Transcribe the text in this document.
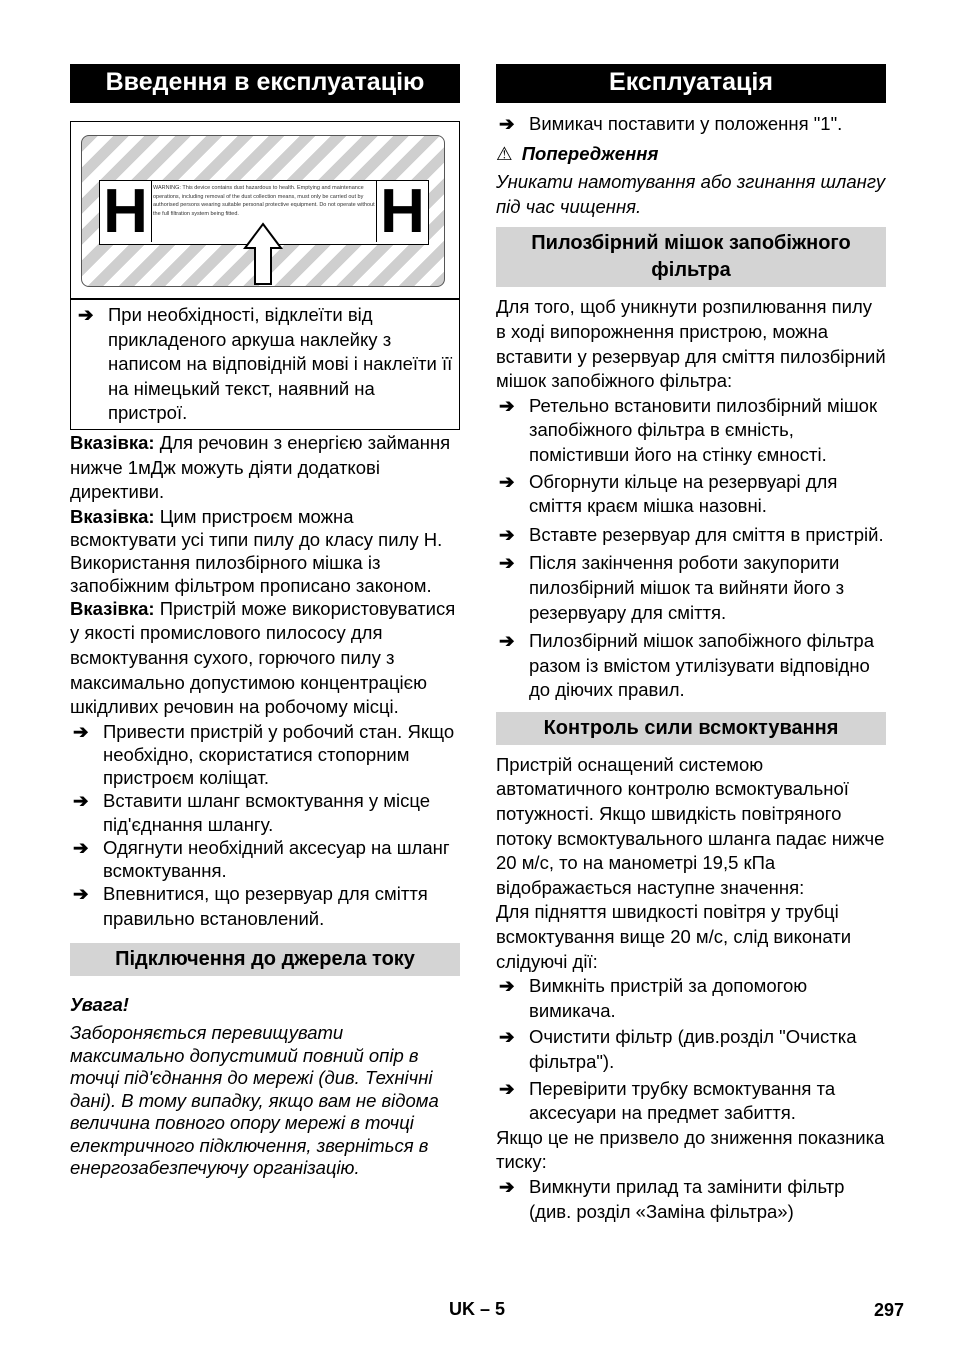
Введення в експлуатацію
H WARNING: This device contains dust hazardous to health. Emptying and maintenance operations, including removal of the dust collection means, must only be carried out by authorised persons wearing suitable personal protective equipment. Do not operate without the full filtration system being fitted.	H
➔ При необхідності, відклеїти від прикладеного аркуша наклейку з написом на відповідній мові і наклеїти її на німецький текст, наявний на пристрої.

Вказівка: Для речовин з енергією займання нижче 1мДж можуть діяти додаткові директиви.

Вказівка: Цим пристроєм можна всмоктувати усі типи пилу до класу пилу Н. Використання пилозбірного мішка із запобіжним фільтром прописано законом.

Вказівка: Пристрій може використовуватися у якості промислового пилососу для всмоктування сухого, горючого пилу з максимально допустимою концентрацією шкідливих речовин на робочому місці.

➔ Привести пристрій у робочий стан. Якщо необхідно, скористатися стопорним пристроєм коліщат.
➔ Вставити шланг всмоктування у місце під'єднання шлангу.
➔ Одягнути необхідний аксесуар на шланг всмоктування.
➔ Впевнитися, що резервуар для сміття правильно встановлений.
Підключення до джерела току

Увага!

Забороняється перевищувати максимально допустимий повний опір в точці під'єднання до мережі (див. Технічні дані). В тому випадку, якщо вам не відома величина повного опору мережі в точці електричного підключення, зверніться в енергозабезпечуючу організацію.

Експлуатація
➔ Вимикач поставити у положення "1".
⚠ Попередження

Уникати намотування або згинання шлангу під час чищення.

Пилозбірний мішок запобіжного фільтра

Для того, щоб уникнути розпилювання пилу в ході випорожнення пристрою, можна вставити у резервуар для сміття пилозбірний мішок запобіжного фільтра:

➔ Ретельно встановити пилозбірний мішок запобіжного фільтра в ємність, помістивши його на стінку ємності.
➔ Обгорнути кільце на резервуарі для сміття краєм мішка назовні.
➔ Вставте резервуар для сміття в пристрій.
➔ Після закінчення роботи закупорити пилозбірний мішок та вийняти його з резервуару для сміття.
➔ Пилозбірний мішок запобіжного фільтра разом із вмістом утилізувати відповідно до діючих правил.
Контроль сили всмоктування

Пристрій оснащений системою автоматичного контролю всмоктувальної потужності. Якщо швидкість повітряного потоку всмоктувального шланга падає нижче 20 м/с, то на манометрі 19,5 кПа відображається наступне значення:

Для підняття швидкості повітря у трубці всмоктування вище 20 м/с, слід виконати слідуючі дії:

➔ Вимкніть пристрій за допомогою вимикача.
➔ Очистити фільтр (див.розділ "Очистка фільтра").
➔ Перевірити трубку всмоктування та аксесуари на предмет забиття.

Якщо це не призвело до зниження показника тиску:

➔ Вимкнути прилад та замінити фільтр (див. розділ «Заміна фільтра»)
UK – 5	297
